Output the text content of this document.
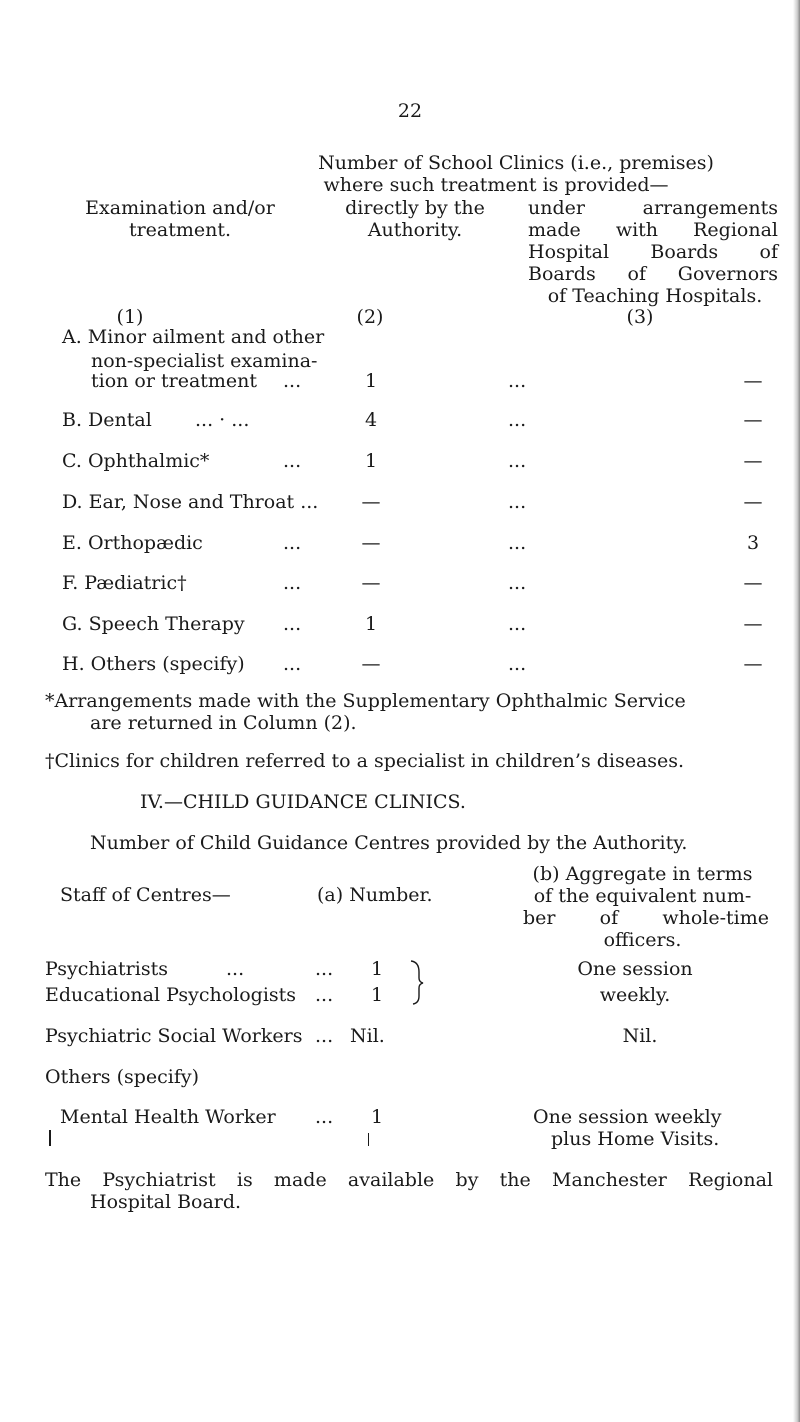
22
Number of School Clinics (i.e., premises)
where such treatment is provided—
Examination and/or
treatment.
directly by the
Authority.
under arrangements
made with Regional
Hospital Boards of
Boards of Governors
of Teaching Hospitals.
(1)	(2)	(3)
A. Minor ailment and other
non-specialist examina-
tion or treatment ...	1	...	—
B. Dental ... · ...	4	...	—
C. Ophthalmic*	...	1	...	—
D. Ear, Nose and Throat ... —	...	—
E. Orthopædic	...	—	...	3
F. Pædiatric†	...	—	...	—
G. Speech Therapy ...	1	...	—
H. Others (specify) ...	—	...	—
*Arrangements made with the Supplementary Ophthalmic Service
are returned in Column (2).
†Clinics for children referred to a specialist in children’s diseases.
IV.—CHILD GUIDANCE CLINICS.
Number of Child Guidance Centres provided by the Authority.
Staff of Centres—	(a) Number.
(b) Aggregate in terms
of the equivalent num-
ber of whole-time
officers.
Psychiatrists	...	...	1
Educational Psychologists ...	1
One session
weekly.
Psychiatric Social Workers ... Nil.	Nil.
Others (specify)
Mental Health Worker ...	1	One session weekly
plus Home Visits.
The Psychiatrist is made available by the Manchester Regional
Hospital Board.
